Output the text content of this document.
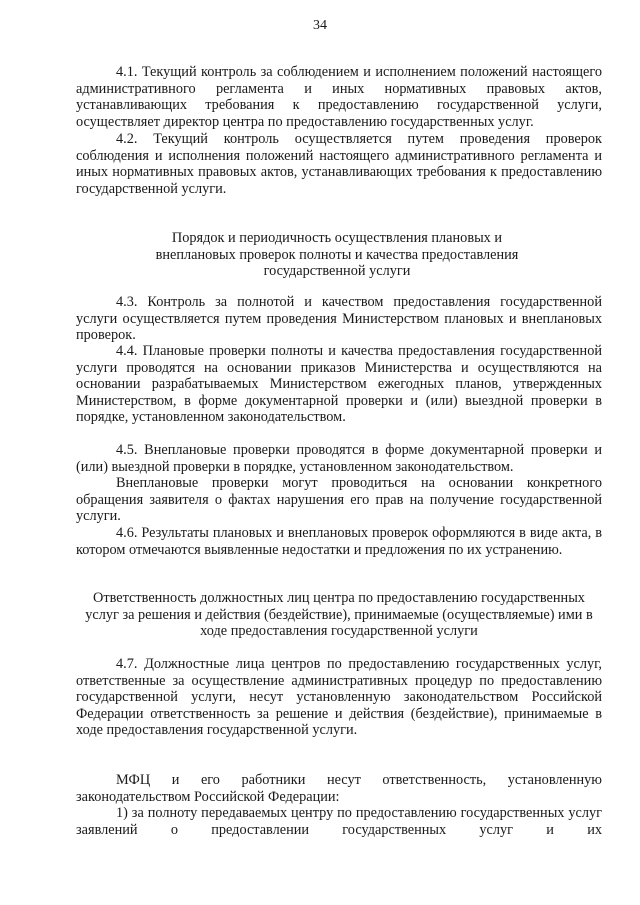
34

4.1. Текущий контроль за соблюдением и исполнением положений настоящего административного регламента и иных нормативных правовых актов, устанавливающих требования к предоставлению государственной услуги, осуществляет директор центра по предоставлению государственных услуг.

4.2. Текущий контроль осуществляется путем проведения проверок соблюдения и исполнения положений настоящего административного регламента и иных нормативных правовых актов, устанавливающих требования к предоставлению государственной услуги.

Порядок и периодичность осуществления плановых и внеплановых проверок полноты и качества предоставления государственной услуги

4.3. Контроль за полнотой и качеством предоставления государственной услуги осуществляется путем проведения Министерством плановых и внеплановых проверок.

4.4. Плановые проверки полноты и качества предоставления государственной услуги проводятся на основании приказов Министерства и осуществляются на основании разрабатываемых Министерством ежегодных планов, утвержденных Министерством, в форме документарной проверки и (или) выездной проверки в порядке, установленном законодательством.

4.5. Внеплановые проверки проводятся в форме документарной проверки и (или) выездной проверки в порядке, установленном законодательством.

Внеплановые проверки могут проводиться на основании конкретного обращения заявителя о фактах нарушения его прав на получение государственной услуги.

4.6. Результаты плановых и внеплановых проверок оформляются в виде акта, в котором отмечаются выявленные недостатки и предложения по их устранению.

Ответственность должностных лиц центра по предоставлению государственных услуг за решения и действия (бездействие), принимаемые (осуществляемые) ими в ходе предоставления государственной услуги

4.7. Должностные лица центров по предоставлению государственных услуг, ответственные за осуществление административных процедур по предоставлению государственной услуги, несут установленную законодательством Российской Федерации ответственность за решение и действия (бездействие), принимаемые в ходе предоставления государственной услуги.

МФЦ и его работники несут ответственность, установленную законодательством Российской Федерации:

1) за полноту передаваемых центру по предоставлению государственных услуг заявлений о предоставлении государственных услуг и их
